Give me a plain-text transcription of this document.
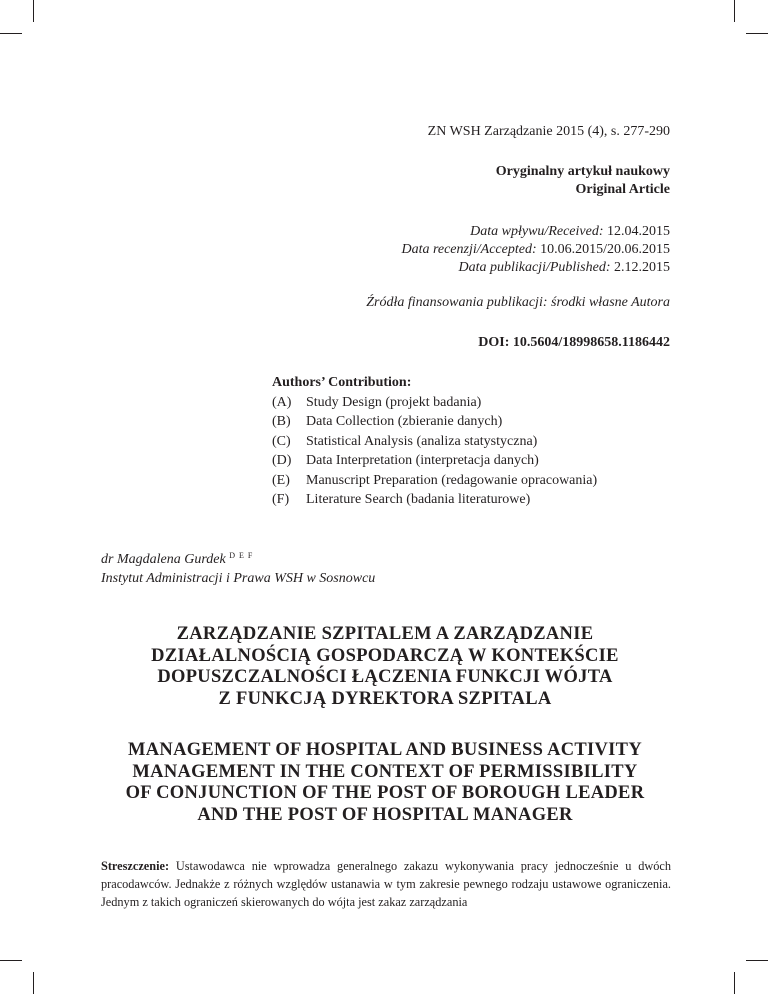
ZN WSH Zarządzanie 2015 (4), s. 277-290
Oryginalny artykuł naukowy
Original Article
Data wpływu/Received: 12.04.2015
Data recenzji/Accepted: 10.06.2015/20.06.2015
Data publikacji/Published: 2.12.2015
Źródła finansowania publikacji: środki własne Autora
DOI: 10.5604/18998658.1186442
Authors’ Contribution:
(A)	Study Design (projekt badania)
(B)	Data Collection (zbieranie danych)
(C)	Statistical Analysis (analiza statystyczna)
(D)	Data Interpretation (interpretacja danych)
(E)	Manuscript Preparation (redagowanie opracowania)
(F)	Literature Search (badania literaturowe)
dr Magdalena Gurdek $^{D E F}$
Instytut Administracji i Prawa WSH w Sosnowcu
ZARZĄDZANIE SZPITALEM A ZARZĄDZANIE
DZIAŁALNOŚCIĄ GOSPODARCZĄ W KONTEKŚCIE
DOPUSZCZALNOŚCI ŁĄCZENIA FUNKCJI WÓJTA
Z FUNKCJĄ DYREKTORA SZPITALA
MANAGEMENT OF HOSPITAL AND BUSINESS ACTIVITY
MANAGEMENT IN THE CONTEXT OF PERMISSIBILITY
OF CONJUNCTION OF THE POST OF BOROUGH LEADER
AND THE POST OF HOSPITAL MANAGER
Streszczenie: Ustawodawca nie wprowadza generalnego zakazu wykonywania pracy jednocześnie u dwóch pracodawców. Jednakże z różnych względów ustanawia w tym zakresie pewnego rodzaju ustawowe ograniczenia. Jednym z takich ograniczeń skierowanych do wójta jest zakaz zarządzania
